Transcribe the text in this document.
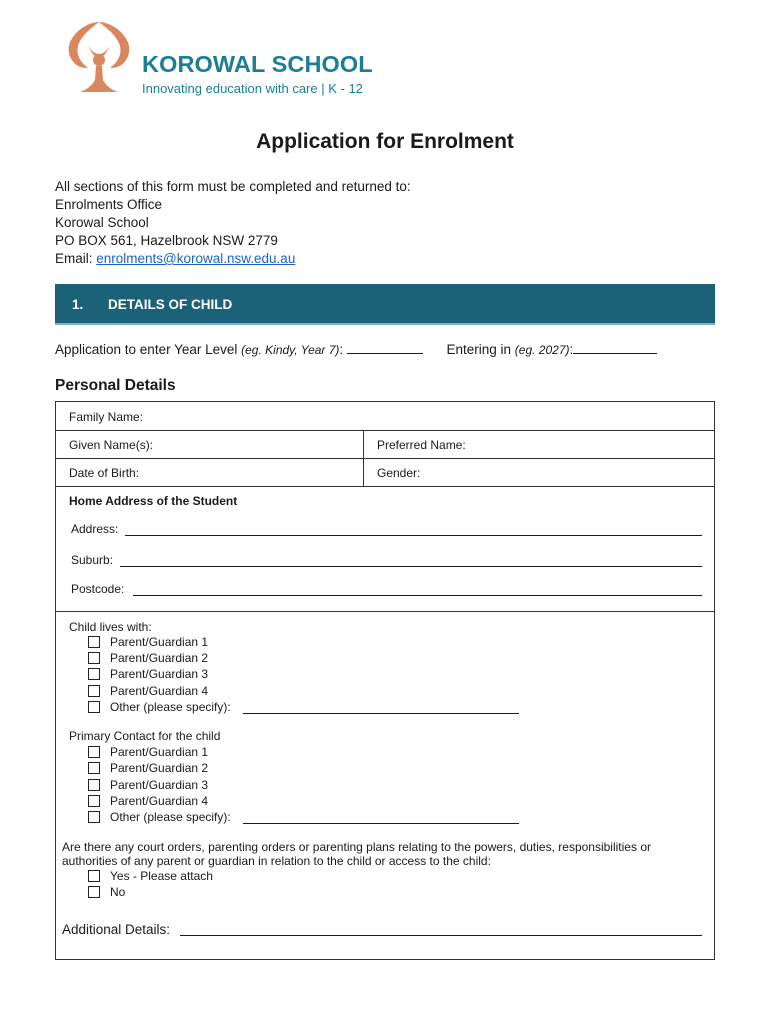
KOROWAL SCHOOL
Innovating education with care | K - 12
Application for Enrolment
All sections of this form must be completed and returned to:
Enrolments Office
Korowal School
PO BOX 561, Hazelbrook NSW 2779
Email: enrolments@korowal.nsw.edu.au
1. DETAILS OF CHILD
Application to enter Year Level (eg. Kindy, Year 7):	Entering in (eg. 2027):
Personal Details
Family Name:
Given Name(s):	Preferred Name:
Date of Birth:	Gender:
Home Address of the Student
Address:
Suburb:
Postcode:
Child lives with:
Parent/Guardian 1
Parent/Guardian 2
Parent/Guardian 3
Parent/Guardian 4
Other (please specify):
Primary Contact for the child
Parent/Guardian 1
Parent/Guardian 2
Parent/Guardian 3
Parent/Guardian 4
Other (please specify):
Are there any court orders, parenting orders or parenting plans relating to the powers, duties, responsibilities or
authorities of any parent or guardian in relation to the child or access to the child:
Yes - Please attach
No
Additional Details:
